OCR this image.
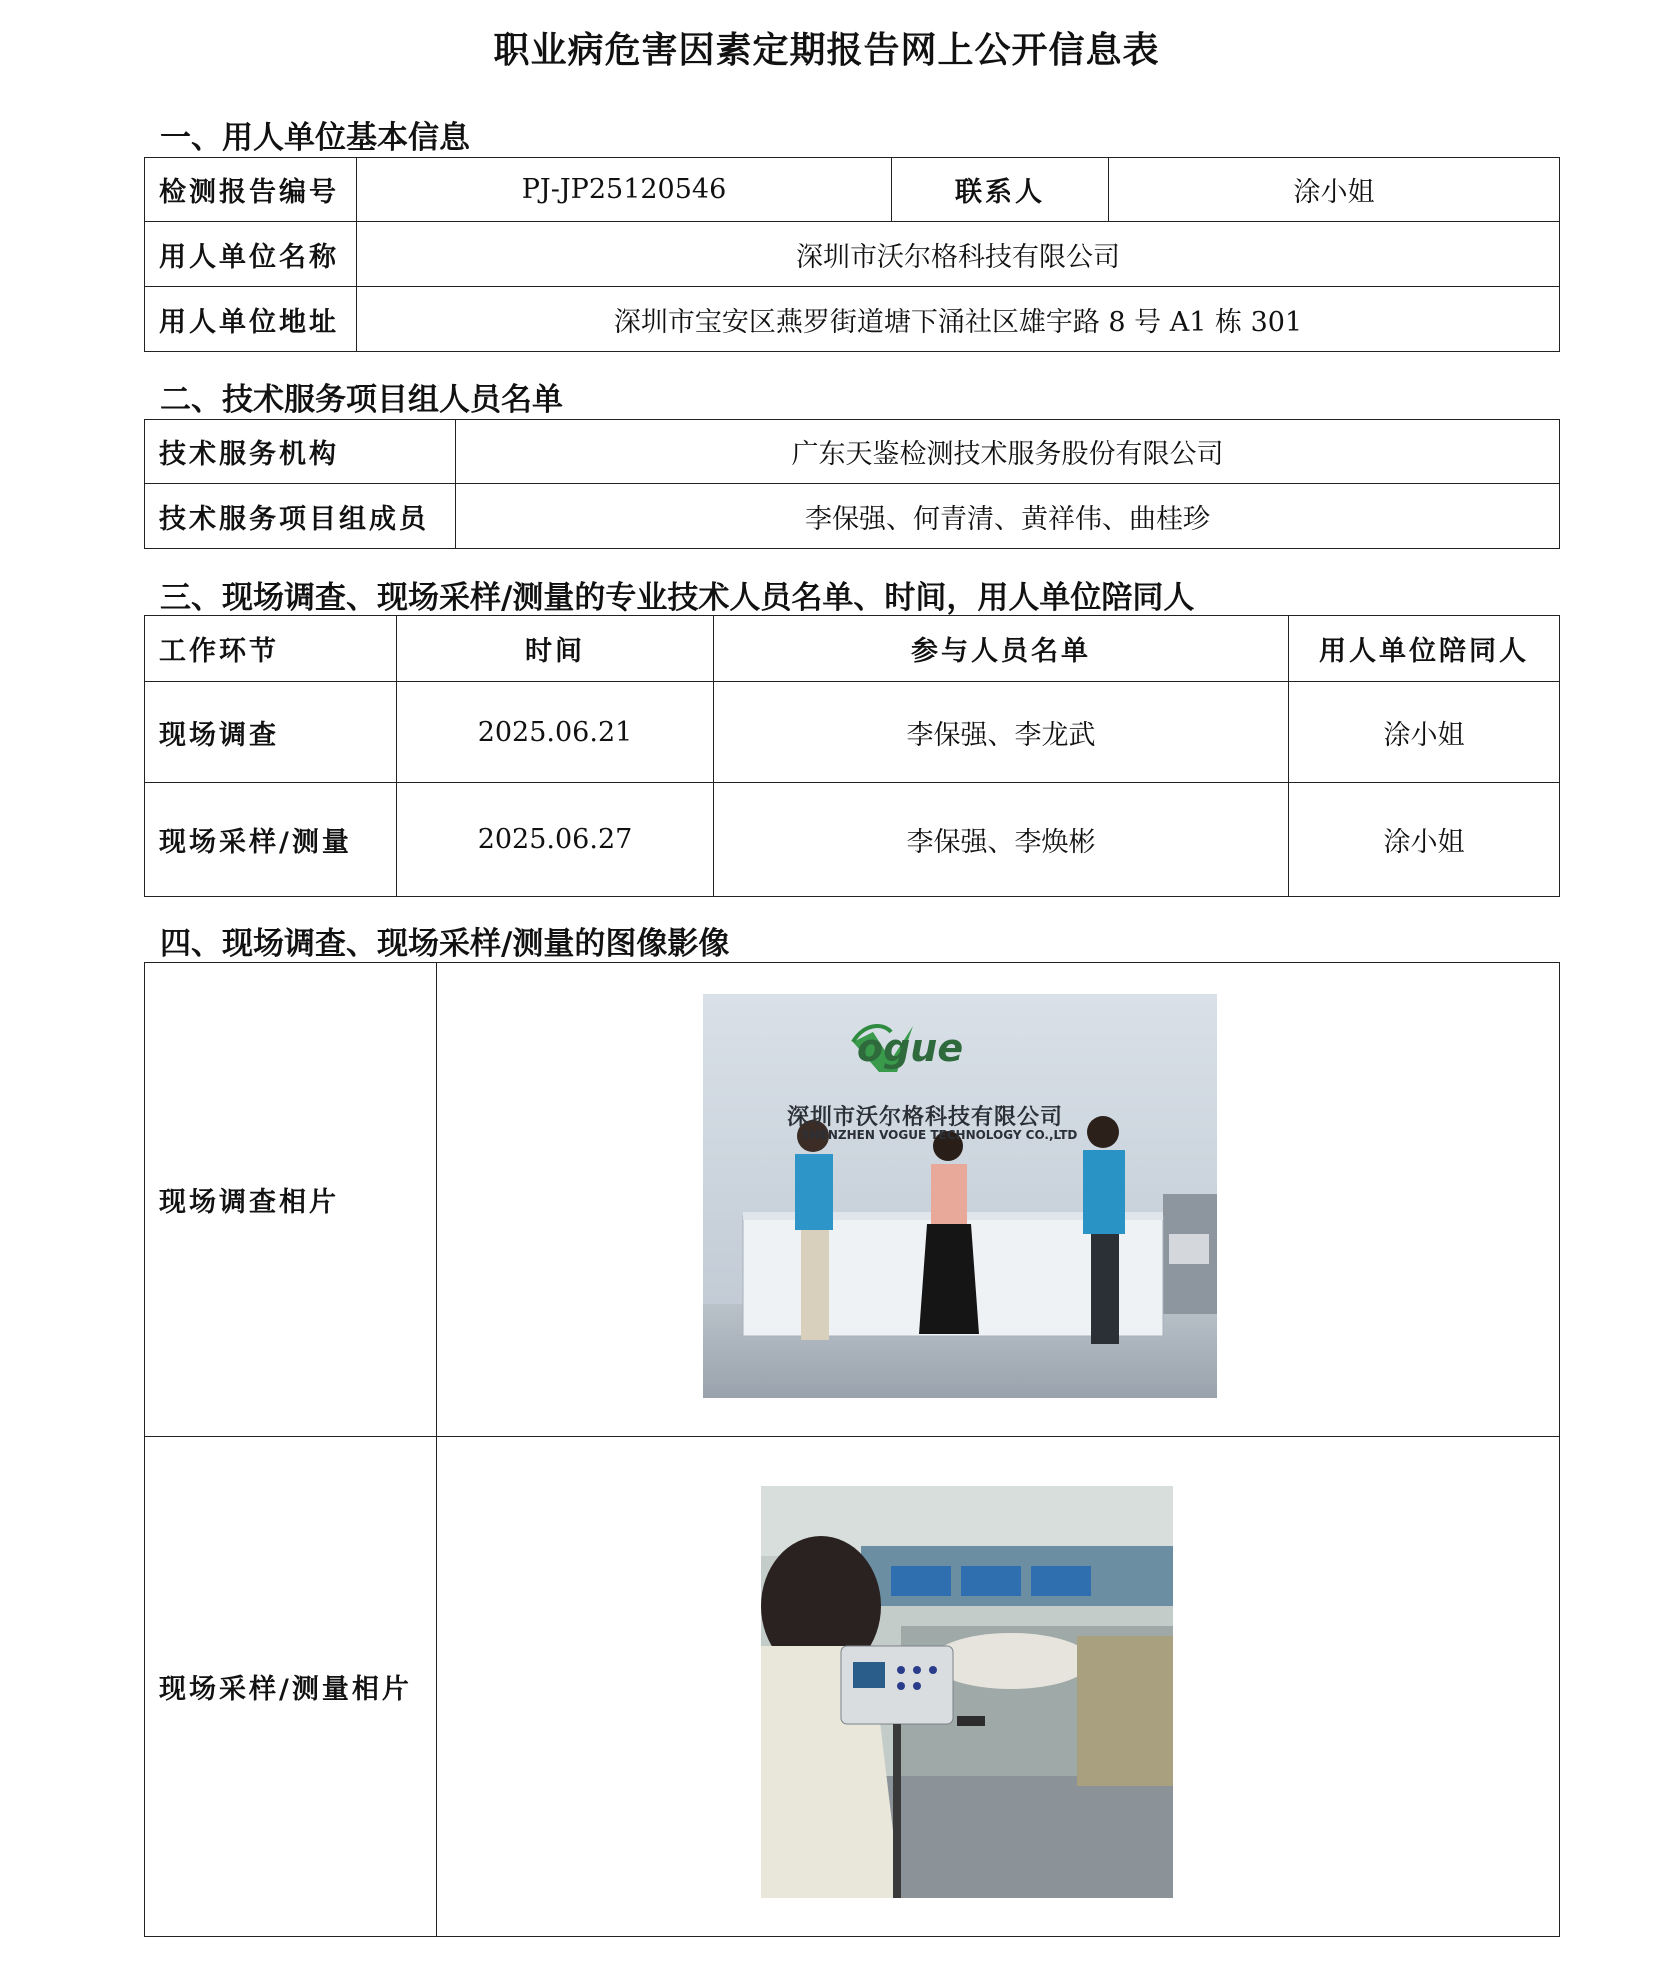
职业病危害因素定期报告网上公开信息表
一、用人单位基本信息
检测报告编号	PJ-JP25120546	联系人	涂小姐
用人单位名称	深圳市沃尔格科技有限公司		
用人单位地址	深圳市宝安区燕罗街道塘下涌社区雄宇路 8 号 A1 栋 301		
二、技术服务项目组人员名单
技术服务机构	广东天鉴检测技术服务股份有限公司
技术服务项目组成员	李保强、何青清、黄祥伟、曲桂珍
三、现场调查、现场采样/测量的专业技术人员名单、时间，用人单位陪同人
工作环节	时间	参与人员名单	用人单位陪同人
现场调查	2025.06.21	李保强、李龙武	涂小姐
现场采样/测量	2025.06.27	李保强、李焕彬	涂小姐
四、现场调查、现场采样/测量的图像影像
现场调查相片	
现场采样/测量相片	
ogue
深圳市沃尔格科技有限公司
SHENZHEN VOGUE TECHNOLOGY CO.,LTD
